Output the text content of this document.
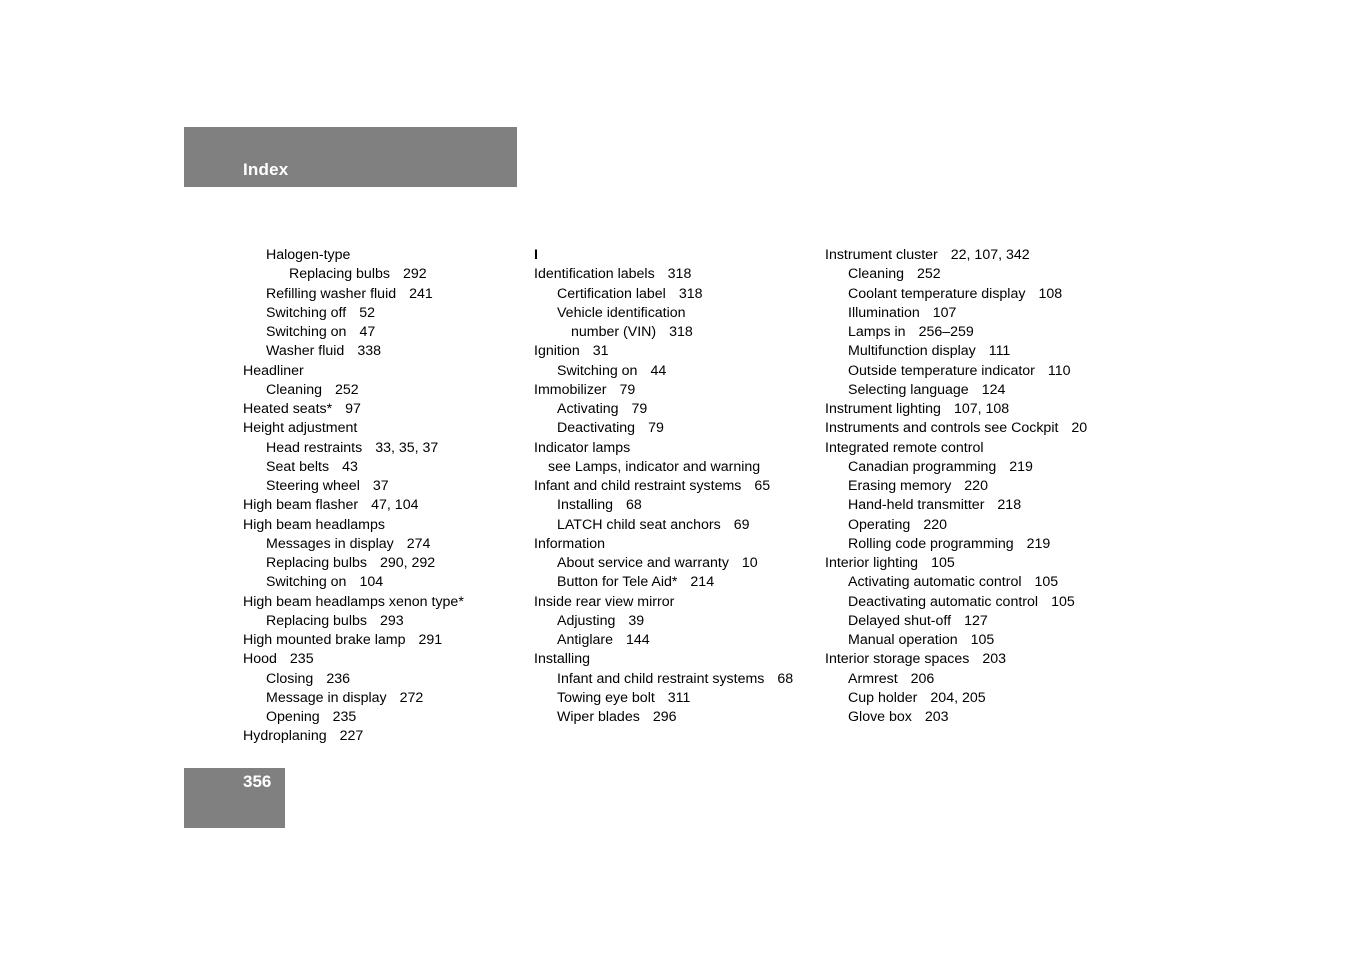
Index
Halogen-type
Replacing bulbs 292
Refilling washer fluid 241
Switching off 52
Switching on 47
Washer fluid 338
Headliner
Cleaning 252
Heated seats* 97
Height adjustment
Head restraints 33, 35, 37
Seat belts 43
Steering wheel 37
High beam flasher 47, 104
High beam headlamps
Messages in display 274
Replacing bulbs 290, 292
Switching on 104
High beam headlamps xenon type*
Replacing bulbs 293
High mounted brake lamp 291
Hood 235
Closing 236
Message in display 272
Opening 235
Hydroplaning 227
I
Identification labels 318
Certification label 318
Vehicle identification
number (VIN) 318
Ignition 31
Switching on 44
Immobilizer 79
Activating 79
Deactivating 79
Indicator lamps
see Lamps, indicator and warning
Infant and child restraint systems 65
Installing 68
LATCH child seat anchors 69
Information
About service and warranty 10
Button for Tele Aid* 214
Inside rear view mirror
Adjusting 39
Antiglare 144
Installing
Infant and child restraint systems 68
Towing eye bolt 311
Wiper blades 296
Instrument cluster 22, 107, 342
Cleaning 252
Coolant temperature display 108
Illumination 107
Lamps in 256–259
Multifunction display 111
Outside temperature indicator 110
Selecting language 124
Instrument lighting 107, 108
Instruments and controls see Cockpit 20
Integrated remote control
Canadian programming 219
Erasing memory 220
Hand-held transmitter 218
Operating 220
Rolling code programming 219
Interior lighting 105
Activating automatic control 105
Deactivating automatic control 105
Delayed shut-off 127
Manual operation 105
Interior storage spaces 203
Armrest 206
Cup holder 204, 205
Glove box 203
356
